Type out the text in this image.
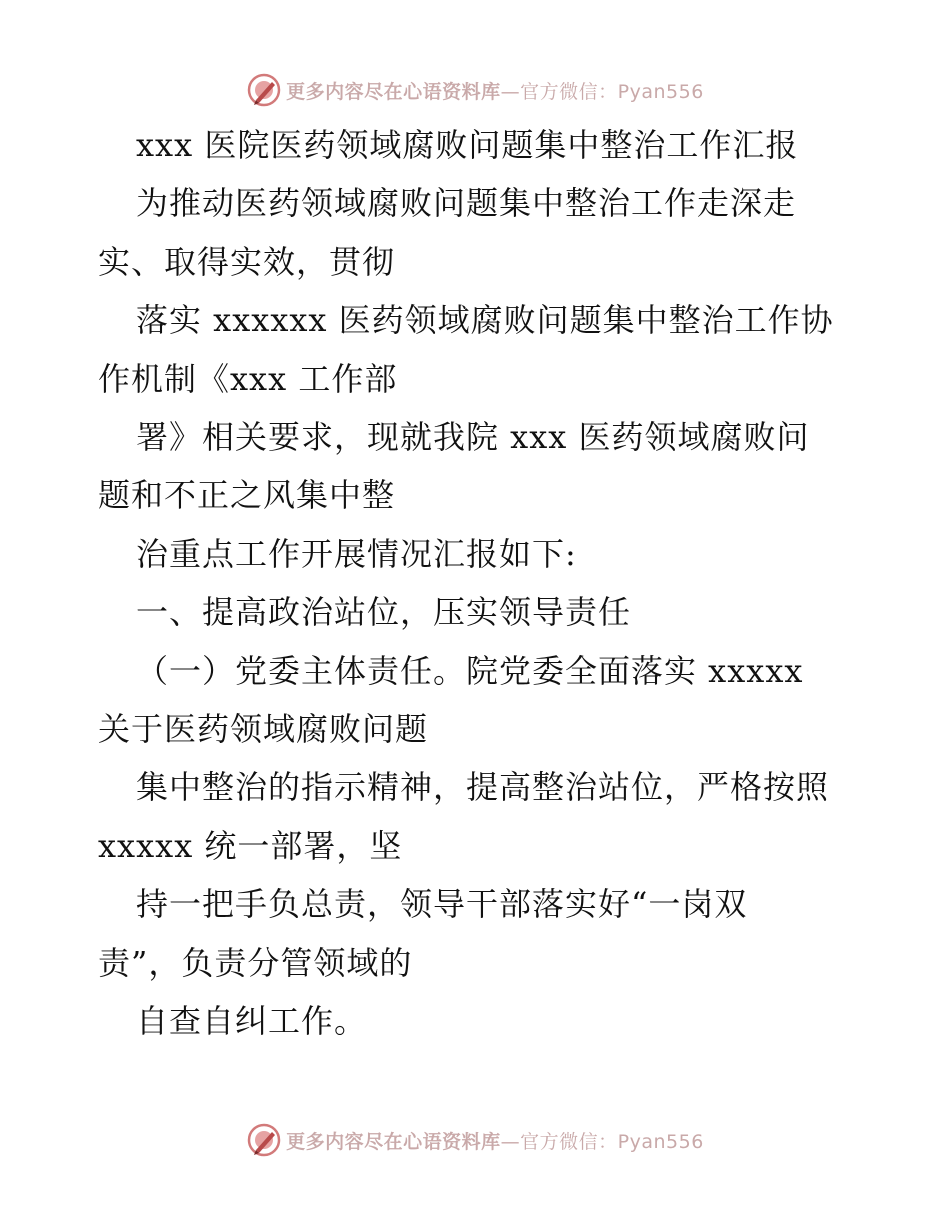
更多内容尽在心语资料库 —官方微信：Pyan556
xxx 医院医药领域腐败问题集中整治工作汇报
为推动医药领域腐败问题集中整治工作走深走
实、取得实效，贯彻
落实 xxxxxx 医药领域腐败问题集中整治工作协
作机制《xxx 工作部
署》相关要求，现就我院 xxx 医药领域腐败问
题和不正之风集中整
治重点工作开展情况汇报如下:
一、提高政治站位，压实领导责任
（一）党委主体责任。院党委全面落实 xxxxx
关于医药领域腐败问题
集中整治的指示精神，提高整治站位，严格按照
xxxxx 统一部署，坚
持一把手负总责，领导干部落实好“一岗双
责”，负责分管领域的
自查自纠工作。
更多内容尽在心语资料库 —官方微信：Pyan556
